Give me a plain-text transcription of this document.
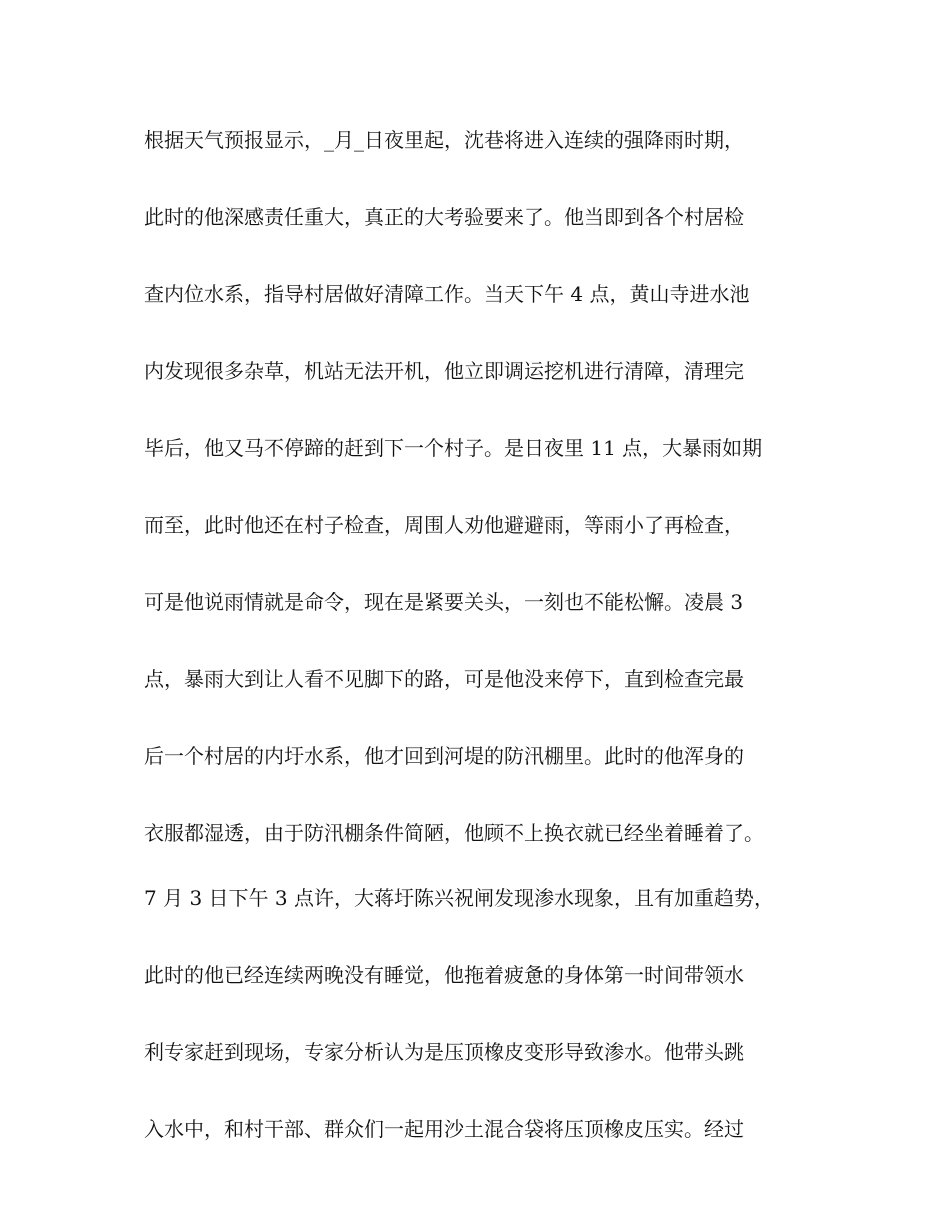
根据天气预报显示，_月_日夜里起，沈巷将进入连续的强降雨时期，
此时的他深感责任重大，真正的大考验要来了。他当即到各个村居检
查内位水系，指导村居做好清障工作。当天下午 4 点，黄山寺进水池
内发现很多杂草，机站无法开机，他立即调运挖机进行清障，清理完
毕后，他又马不停蹄的赶到下一个村子。是日夜里 11 点，大暴雨如期
而至，此时他还在村子检查，周围人劝他避避雨，等雨小了再检查，
可是他说雨情就是命令，现在是紧要关头，一刻也不能松懈。凌晨 3
点，暴雨大到让人看不见脚下的路，可是他没来停下，直到检查完最
后一个村居的内圩水系，他才回到河堤的防汛棚里。此时的他浑身的
衣服都湿透，由于防汛棚条件简陋，他顾不上换衣就已经坐着睡着了。
7 月 3 日下午 3 点许，大蒋圩陈兴祝闸发现渗水现象，且有加重趋势，
此时的他已经连续两晚没有睡觉，他拖着疲惫的身体第一时间带领水
利专家赶到现场，专家分析认为是压顶橡皮变形导致渗水。他带头跳
入水中，和村干部、群众们一起用沙土混合袋将压顶橡皮压实。经过
